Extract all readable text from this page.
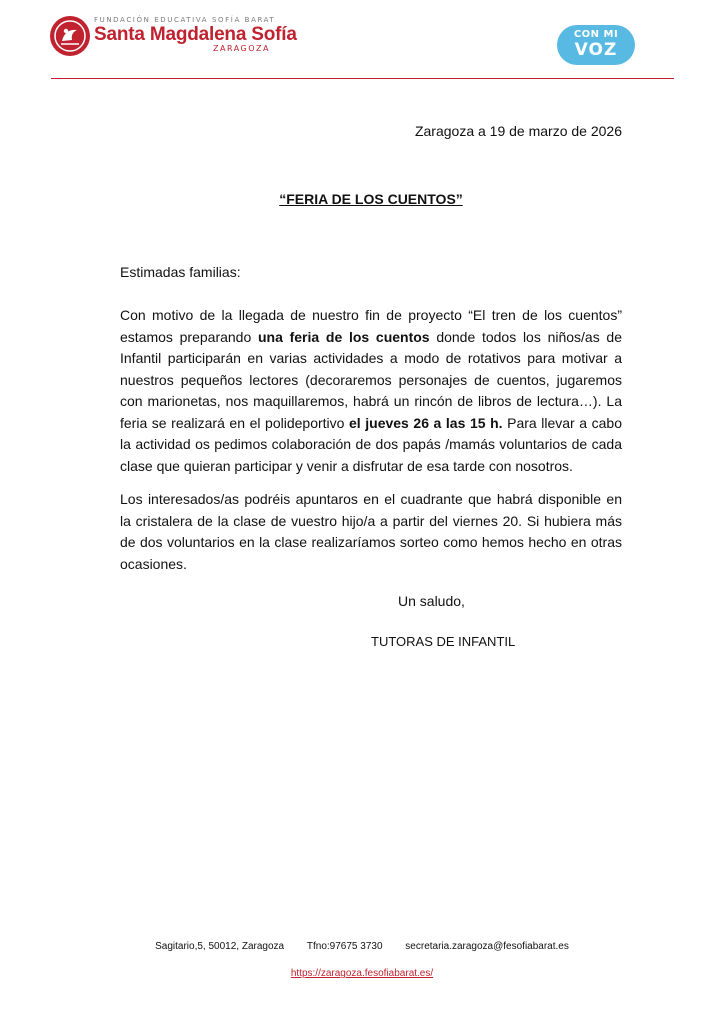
FUNDACIÓN EDUCATIVA SOFÍA BARAT
Santa Magdalena Sofía
ZARAGOZA
CON MI
VOZ
Zaragoza a 19 de marzo de 2026
“FERIA DE LOS CUENTOS”
Estimadas familias:
Con motivo de la llegada de nuestro fin de proyecto “El tren de los cuentos” estamos preparando una feria de los cuentos donde todos los niños/as de Infantil participarán en varias actividades a modo de rotativos para motivar a nuestros pequeños lectores (decoraremos personajes de cuentos, jugaremos con marionetas, nos maquillaremos, habrá un rincón de libros de lectura…). La feria se realizará en el polideportivo el jueves 26 a las 15 h. Para llevar a cabo la actividad os pedimos colaboración de dos papás /mamás voluntarios de cada clase que quieran participar y venir a disfrutar de esa tarde con nosotros.
Los interesados/as podréis apuntaros en el cuadrante que habrá disponible en la cristalera de la clase de vuestro hijo/a a partir del viernes 20. Si hubiera más de dos voluntarios en la clase realizaríamos sorteo como hemos hecho en otras ocasiones.
Un saludo,
TUTORAS DE INFANTIL
Sagitario,5, 50012, Zaragoza Tfno:97675 3730 secretaria.zaragoza@fesofiabarat.es
https://zaragoza.fesofiabarat.es/
